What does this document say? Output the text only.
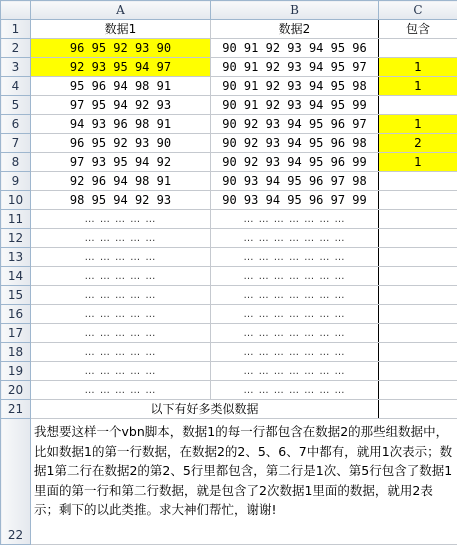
	A	B	C
1	数据1	数据2	包含
2	96 95 92 93 90	90 91 92 93 94 95 96	
3	92 93 95 94 97	90 91 92 93 94 95 97	1
4	95 96 94 98 91	90 91 92 93 94 95 98	1
5	97 95 94 92 93	90 91 92 93 94 95 99	
6	94 93 96 98 91	90 92 93 94 95 96 97	1
7	96 95 92 93 90	90 92 93 94 95 96 98	2
8	97 93 95 94 92	90 92 93 94 95 96 99	1
9	92 96 94 98 91	90 93 94 95 96 97 98	
10	98 95 94 92 93	90 93 94 95 96 97 99	
11	… … … … …	… … … … … … …	
12	… … … … …	… … … … … … …	
13	… … … … …	… … … … … … …	
14	… … … … …	… … … … … … …	
15	… … … … …	… … … … … … …	
16	… … … … …	… … … … … … …	
17	… … … … …	… … … … … … …	
18	… … … … …	… … … … … … …	
19	… … … … …	… … … … … … …	
20	… … … … …	… … … … … … …	
21	以下有好多类似数据		
22	我想要这样一个vbn脚本，数据1的每一行都包含在数据2的那些组数据中，比如数据1的第一行数据，在数据2的2、5、6、7中都有，就用1次表示；数据1第二行在数据2的第2、5行里都包含，第二行是1次、第5行包含了数据1里面的第一行和第二行数据，就是包含了2次数据1里面的数据，就用2表示；剩下的以此类推。求大神们帮忙，谢谢!		
